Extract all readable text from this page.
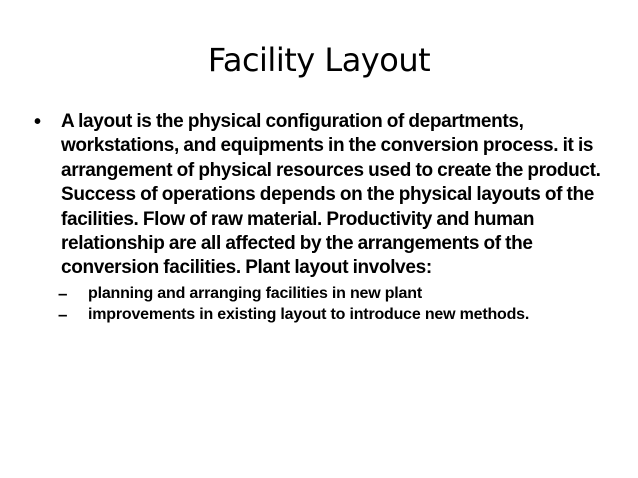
Facility Layout
•	A layout is the physical configuration of departments, workstations, and equipments in the conversion process. it is arrangement of physical resources used to create the product. Success of operations depends on the physical layouts of the facilities. Flow of raw material. Productivity and human relationship are all affected by the arrangements of the conversion facilities. Plant layout involves:
–	planning and arranging facilities in new plant
–	improvements in existing layout to introduce new methods.
